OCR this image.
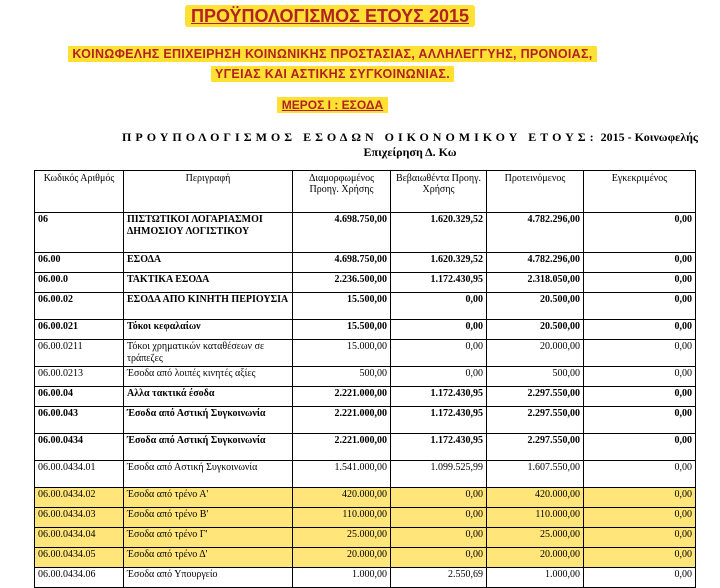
ΠΡΟΫΠΟΛΟΓΙΣΜΟΣ ΕΤΟΥΣ 2015
ΚΟΙΝΩΦΕΛΗΣ ΕΠΙΧΕΙΡΗΣΗ ΚΟΙΝΩΝΙΚΗΣ ΠΡΟΣΤΑΣΙΑΣ, ΑΛΛΗΛΕΓΓΥΗΣ, ΠΡΟΝΟΙΑΣ,
ΥΓΕΙΑΣ ΚΑΙ ΑΣΤΙΚΗΣ ΣΥΓΚΟΙΝΩΝΙΑΣ.
ΜΕΡΟΣ Ι : ΕΣΟΔΑ
ΠΡΟΥΠΟΛΟΓΙΣΜΟΣ ΕΣΟΔΩΝ ΟΙΚΟΝΟΜΙΚΟΥ ΕΤΟΥΣ: 2015 - Κοινωφελής
Επιχείρηση Δ. Κω
Κωδικός Αριθμός	Περιγραφή	Διαμορφωμένος Προηγ. Χρήσης	Βεβαιωθέντα Προηγ. Χρήσης	Προτεινόμενος	Εγκεκριμένος
06	ΠΙΣΤΩΤΙΚΟΙ ΛΟΓΑΡΙΑΣΜΟΙ ΔΗΜΟΣΙΟΥ ΛΟΓΙΣΤΙΚΟΥ	4.698.750,00	1.620.329,52	4.782.296,00	0,00
06.00	ΕΣΟΔΑ	4.698.750,00	1.620.329,52	4.782.296,00	0,00
06.00.0	ΤΑΚΤΙΚΑ ΕΣΟΔΑ	2.236.500,00	1.172.430,95	2.318.050,00	0,00
06.00.02	ΕΣΟΔΑ ΑΠΟ ΚΙΝΗΤΗ ΠΕΡΙΟΥΣΙΑ	15.500,00	0,00	20.500,00	0,00
06.00.021	Τόκοι κεφαλαίων	15.500,00	0,00	20.500,00	0,00
06.00.0211	Τόκοι χρηματικών καταθέσεων σε τράπεζες	15.000,00	0,00	20.000,00	0,00
06.00.0213	Έσοδα από λοιπές κινητές αξίες	500,00	0,00	500,00	0,00
06.00.04	Αλλα τακτικά έσοδα	2.221.000,00	1.172.430,95	2.297.550,00	0,00
06.00.043	Έσοδα από Αστική Συγκοινωνία	2.221.000,00	1.172.430,95	2.297.550,00	0,00
06.00.0434	Έσοδα από Αστική Συγκοινωνία	2.221.000,00	1.172.430,95	2.297.550,00	0,00
06.00.0434.01	Έσοδα από Αστική Συγκοινωνία	1.541.000,00	1.099.525,99	1.607.550,00	0,00
06.00.0434.02	Έσοδα από τρένο Α'	420.000,00	0,00	420.000,00	0,00
06.00.0434.03	Έσοδα από τρένο Β'	110.000,00	0,00	110.000,00	0,00
06.00.0434.04	Έσοδα από τρένο Γ'	25.000,00	0,00	25.000,00	0,00
06.00.0434.05	Έσοδα από τρένο Δ'	20.000,00	0,00	20.000,00	0,00
06.00.0434.06	Έσοδα από Υπουργείο	1.000,00	2.550,69	1.000,00	0,00
